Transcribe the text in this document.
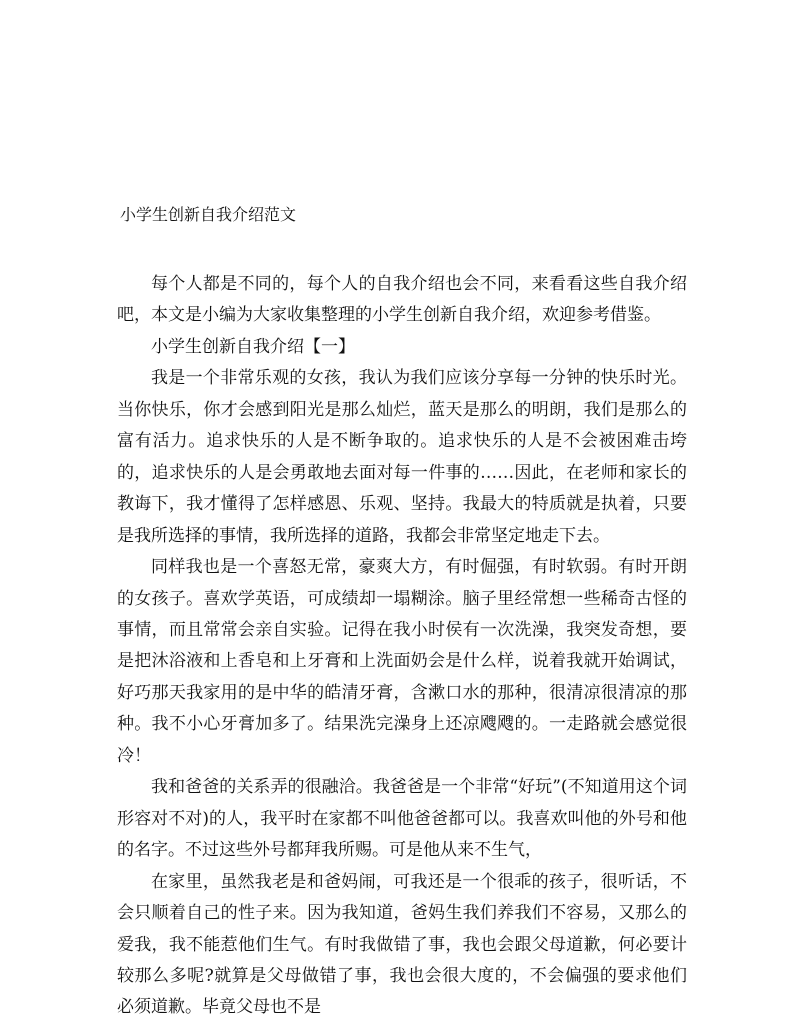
小学生创新自我介绍范文

每个人都是不同的，每个人的自我介绍也会不同，来看看这些自我介绍吧，本文是小编为大家收集整理的小学生创新自我介绍，欢迎参考借鉴。

小学生创新自我介绍【一】

我是一个非常乐观的女孩，我认为我们应该分享每一分钟的快乐时光。当你快乐，你才会感到阳光是那么灿烂，蓝天是那么的明朗，我们是那么的富有活力。追求快乐的人是不断争取的。追求快乐的人是不会被困难击垮的，追求快乐的人是会勇敢地去面对每一件事的……因此，在老师和家长的教诲下，我才懂得了怎样感恩、乐观、坚持。我最大的特质就是执着，只要是我所选择的事情，我所选择的道路，我都会非常坚定地走下去。

同样我也是一个喜怒无常，豪爽大方，有时倔强，有时软弱。有时开朗的女孩子。喜欢学英语，可成绩却一塌糊涂。脑子里经常想一些稀奇古怪的事情，而且常常会亲自实验。记得在我小时侯有一次洗澡，我突发奇想，要是把沐浴液和上香皂和上牙膏和上洗面奶会是什么样，说着我就开始调试，好巧那天我家用的是中华的皓清牙膏，含漱口水的那种，很清凉很清凉的那种。我不小心牙膏加多了。结果洗完澡身上还凉飕飕的。一走路就会感觉很冷！

我和爸爸的关系弄的很融洽。我爸爸是一个非常“好玩”(不知道用这个词形容对不对)的人，我平时在家都不叫他爸爸都可以。我喜欢叫他的外号和他的名字。不过这些外号都拜我所赐。可是他从来不生气，

在家里，虽然我老是和爸妈闹，可我还是一个很乖的孩子，很听话，不会只顺着自己的性子来。因为我知道，爸妈生我们养我们不容易，又那么的爱我，我不能惹他们生气。有时我做错了事，我也会跟父母道歉，何必要计较那么多呢?就算是父母做错了事，我也会很大度的，不会偏强的要求他们必须道歉。毕竟父母也不是
